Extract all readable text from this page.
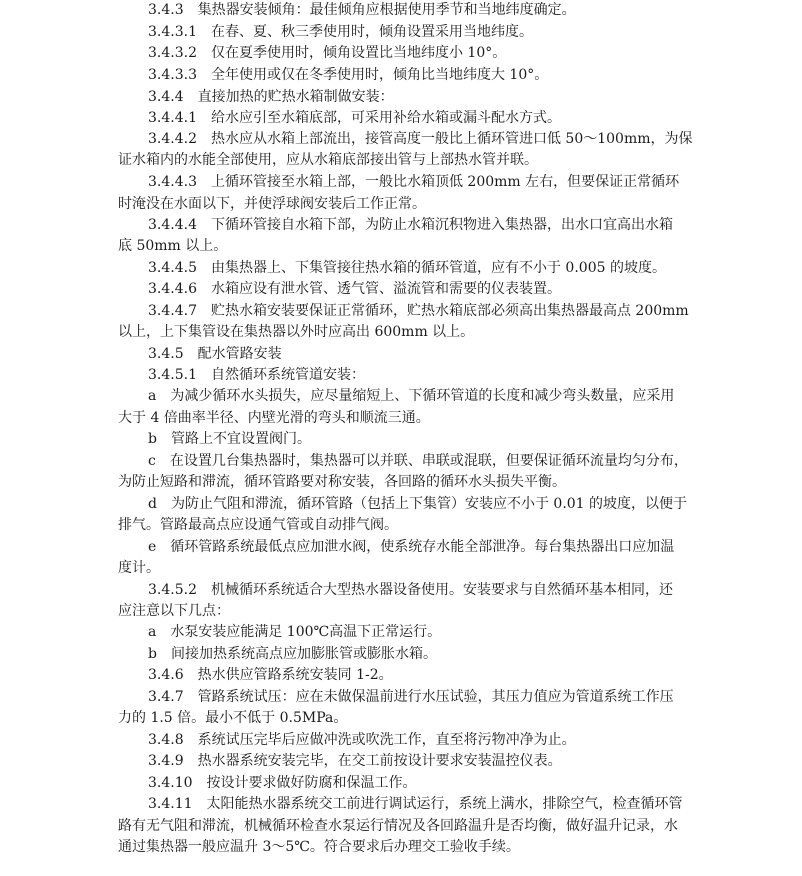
3.4.3　集热器安装倾角：最佳倾角应根据使用季节和当地纬度确定。
3.4.3.1　在春、夏、秋三季使用时，倾角设置采用当地纬度。
3.4.3.2　仅在夏季使用时，倾角设置比当地纬度小 10°。
3.4.3.3　全年使用或仅在冬季使用时，倾角比当地纬度大 10°。
3.4.4　直接加热的贮热水箱制做安装：
3.4.4.1　给水应引至水箱底部，可采用补给水箱或漏斗配水方式。
3.4.4.2　热水应从水箱上部流出，接管高度一般比上循环管进口低 50～100mm，为保
证水箱内的水能全部使用，应从水箱底部接出管与上部热水管并联。
3.4.4.3　上循环管接至水箱上部，一般比水箱顶低 200mm 左右，但要保证正常循环
时淹没在水面以下，并使浮球阀安装后工作正常。
3.4.4.4　下循环管接自水箱下部，为防止水箱沉积物进入集热器，出水口宜高出水箱
底 50mm 以上。
3.4.4.5　由集热器上、下集管接往热水箱的循环管道，应有不小于 0.005 的坡度。
3.4.4.6　水箱应设有泄水管、透气管、溢流管和需要的仪表装置。
3.4.4.7　贮热水箱安装要保证正常循环，贮热水箱底部必须高出集热器最高点 200mm
以上，上下集管设在集热器以外时应高出 600mm 以上。
3.4.5　配水管路安装
3.4.5.1　自然循环系统管道安装：
a　为减少循环水头损失，应尽量缩短上、下循环管道的长度和减少弯头数量，应采用
大于 4 倍曲率半径、内壁光滑的弯头和顺流三通。
b　管路上不宜设置阀门。
c　在设置几台集热器时，集热器可以并联、串联或混联，但要保证循环流量均匀分布，
为防止短路和滞流，循环管路要对称安装，各回路的循环水头损失平衡。
d　为防止气阻和滞流，循环管路（包括上下集管）安装应不小于 0.01 的坡度，以便于
排气。管路最高点应设通气管或自动排气阀。
e　循环管路系统最低点应加泄水阀，使系统存水能全部泄净。每台集热器出口应加温
度计。
3.4.5.2　机械循环系统适合大型热水器设备使用。安装要求与自然循环基本相同，还
应注意以下几点：
a　水泵安装应能满足 100℃高温下正常运行。
b　间接加热系统高点应加膨胀管或膨胀水箱。
3.4.6　热水供应管路系统安装同 1-2。
3.4.7　管路系统试压：应在未做保温前进行水压试验，其压力值应为管道系统工作压
力的 1.5 倍。最小不低于 0.5MPa。
3.4.8　系统试压完毕后应做冲洗或吹洗工作，直至将污物冲净为止。
3.4.9　热水器系统安装完毕，在交工前按设计要求安装温控仪表。
3.4.10　按设计要求做好防腐和保温工作。
3.4.11　太阳能热水器系统交工前进行调试运行，系统上满水，排除空气，检查循环管
路有无气阻和滞流，机械循环检查水泵运行情况及各回路温升是否均衡，做好温升记录，水
通过集热器一般应温升 3～5℃。符合要求后办理交工验收手续。
